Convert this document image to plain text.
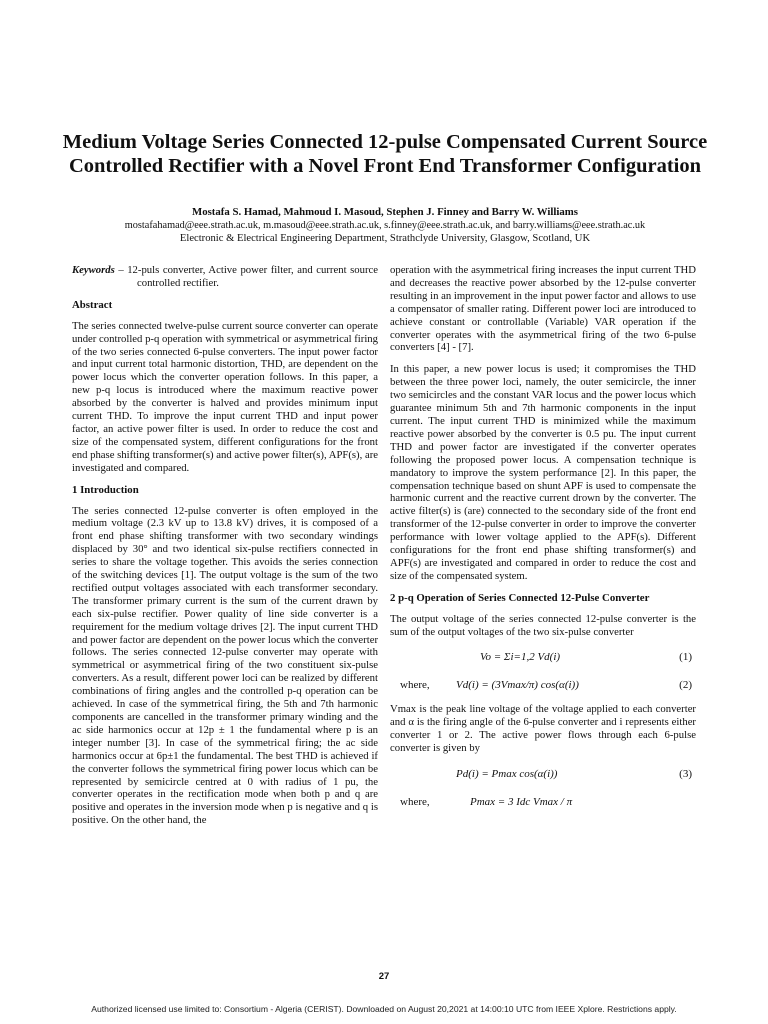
Medium Voltage Series Connected 12-pulse Compensated Current Source Controlled Rectifier with a Novel Front End Transformer Configuration
Mostafa S. Hamad, Mahmoud I. Masoud, Stephen J. Finney and Barry W. Williams
mostafahamad@eee.strath.ac.uk, m.masoud@eee.strath.ac.uk, s.finney@eee.strath.ac.uk, and barry.williams@eee.strath.ac.uk
Electronic & Electrical Engineering Department, Strathclyde University, Glasgow, Scotland, UK

Keywords – 12-puls converter, Active power filter, and current source controlled rectifier.

Abstract

The series connected twelve-pulse current source converter can operate under controlled p-q operation with symmetrical or asymmetrical firing of the two series connected 6-pulse converters. The input power factor and input current total harmonic distortion, THD, are dependent on the power locus which the converter operation follows. In this paper, a new p-q locus is introduced where the maximum reactive power absorbed by the converter is halved and provides minimum input current THD. To improve the input current THD and input power factor, an active power filter is used. In order to reduce the cost and size of the compensated system, different configurations for the front end phase shifting transformer(s) and active power filter(s), APF(s), are investigated and compared.

1 Introduction

The series connected 12-pulse converter is often employed in the medium voltage (2.3 kV up to 13.8 kV) drives, it is composed of a front end phase shifting transformer with two secondary windings displaced by 30° and two identical six-pulse rectifiers connected in series to share the voltage together. This avoids the series connection of the switching devices [1]. The output voltage is the sum of the two rectified output voltages associated with each transformer secondary. The transformer primary current is the sum of the current drawn by each six-pulse rectifier. Power quality of line side converter is a requirement for the medium voltage drives [2]. The input current THD and power factor are dependent on the power locus which the converter follows. The series connected 12-pulse converter may operate with symmetrical or asymmetrical firing of the two constituent six-pulse converters. As a result, different power loci can be realized by different combinations of firing angles and the controlled p-q operation can be achieved. In case of the symmetrical firing, the 5th and 7th harmonic components are cancelled in the transformer primary winding and the ac side harmonics occur at 12p ± 1 the fundamental where p is an integer number [3]. In case of the symmetrical firing; the ac side harmonics occur at 6p±1 the fundamental. The best THD is achieved if the converter follows the symmetrical firing power locus which can be represented by semicircle centred at 0 with radius of 1 pu, the converter operates in the rectification mode when both p and q are positive and operates in the inversion mode when p is negative and q is positive. On the other hand, the

operation with the asymmetrical firing increases the input current THD and decreases the reactive power absorbed by the 12-pulse converter resulting in an improvement in the input power factor and allows to use a compensator of smaller rating. Different power loci are introduced to achieve constant or controllable (Variable) VAR operation if the converter operates with the asymmetrical firing of the two 6-pulse converters [4] - [7].

In this paper, a new power locus is used; it compromises the THD between the three power loci, namely, the outer semicircle, the inner two semicircles and the constant VAR locus and the power locus which guarantee minimum 5th and 7th harmonic components in the input current. The input current THD is minimized while the maximum reactive power absorbed by the converter is 0.5 pu. The input current THD and power factor are investigated if the converter operates following the proposed power locus. A compensation technique is mandatory to improve the system performance [2]. In this paper, the compensation technique based on shunt APF is used to compensate the harmonic current and the reactive current drown by the converter. The active filter(s) is (are) connected to the secondary side of the front end transformer of the 12-pulse converter in order to improve the converter performance with lower voltage applied to the APF(s). Different configurations for the front end phase shifting transformer(s) and APF(s) are investigated and compared in order to reduce the cost and size of the compensated system.

2 p-q Operation of Series Connected 12-Pulse Converter

The output voltage of the series connected 12-pulse converter is the sum of the output voltages of the two six-pulse converter

Vo = Σi=1,2 Vd(i)	(1)
where, Vd(i) = (3Vmax/π) cos(α(i))	(2)

Vmax is the peak line voltage of the voltage applied to each converter and α is the firing angle of the 6-pulse converter and i represents either converter 1 or 2. The active power flows through each 6-pulse converter is given by

Pd(i) = Pmax cos(α(i))	(3)
where,	Pmax = 3 Idc Vmax / π
27
Authorized licensed use limited to: Consortium - Algeria (CERIST). Downloaded on August 20,2021 at 14:00:10 UTC from IEEE Xplore. Restrictions apply.
